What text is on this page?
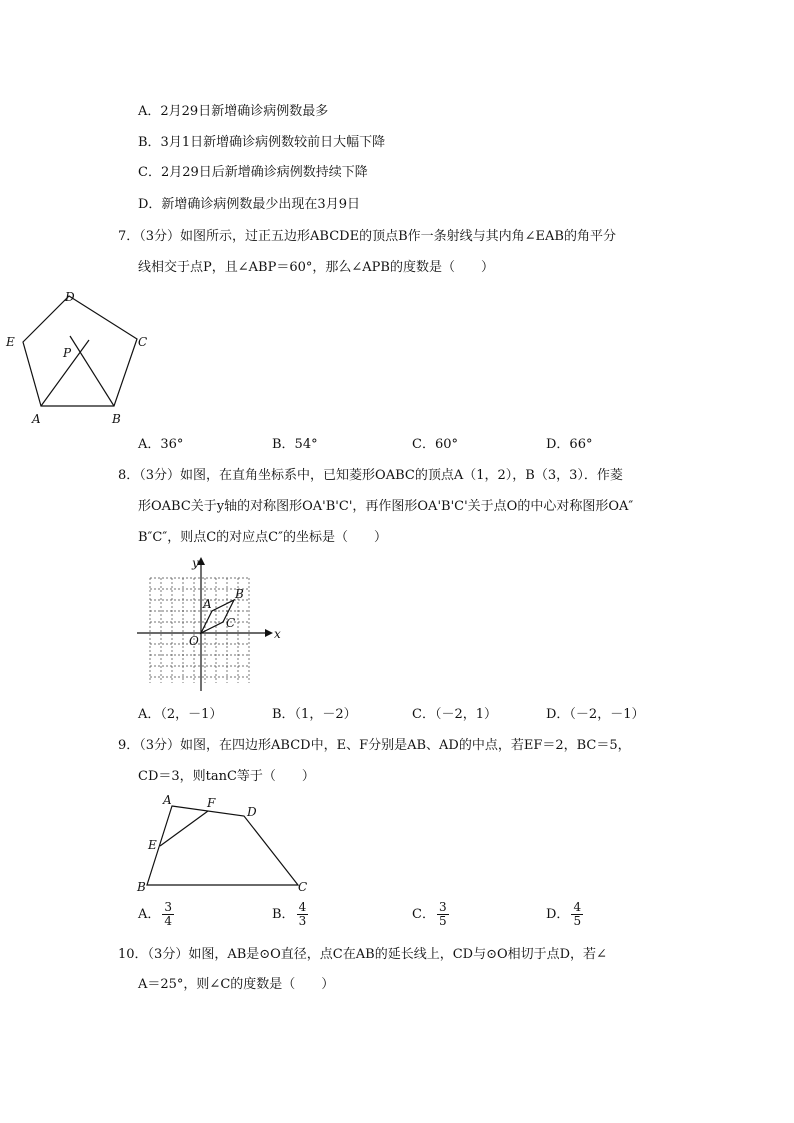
A．2月29日新增确诊病例数最多
B．3月1日新增确诊病例数较前日大幅下降
C．2月29日后新增确诊病例数持续下降
D．新增确诊病例数最少出现在3月9日
7．（3分）如图所示，过正五边形ABCDE的顶点B作一条射线与其内角∠EAB的角平分
线相交于点P，且∠ABP＝60°，那么∠APB的度数是（　　）
D
E	C
P
A	B
A．36°	B．54°	C．60°	D．66°
8．（3分）如图，在直角坐标系中，已知菱形OABC的顶点A（1，2），B（3，3）．作菱
形OABC关于y轴的对称图形OA'B'C'，再作图形OA'B'C'关于点O的中心对称图形OA″
B″C″，则点C的对应点C″的坐标是（　　）
x
y
O
A
B
C
A．（2，－1）	B．（1，－2）	C．（－2，1）	D．（－2，－1）
9．（3分）如图，在四边形ABCD中，E、F分别是AB、AD的中点，若EF＝2，BC＝5，
CD＝3，则tanC等于（　　）
A	F
D
E
B	C
A． $\frac{3}{4}$	B． $\frac{4}{3}$	C． $\frac{3}{5}$	D． $\frac{4}{5}$
10．（3分）如图，AB是⊙O直径，点C在AB的延长线上，CD与⊙O相切于点D，若∠
A＝25°，则∠C的度数是（　　）
